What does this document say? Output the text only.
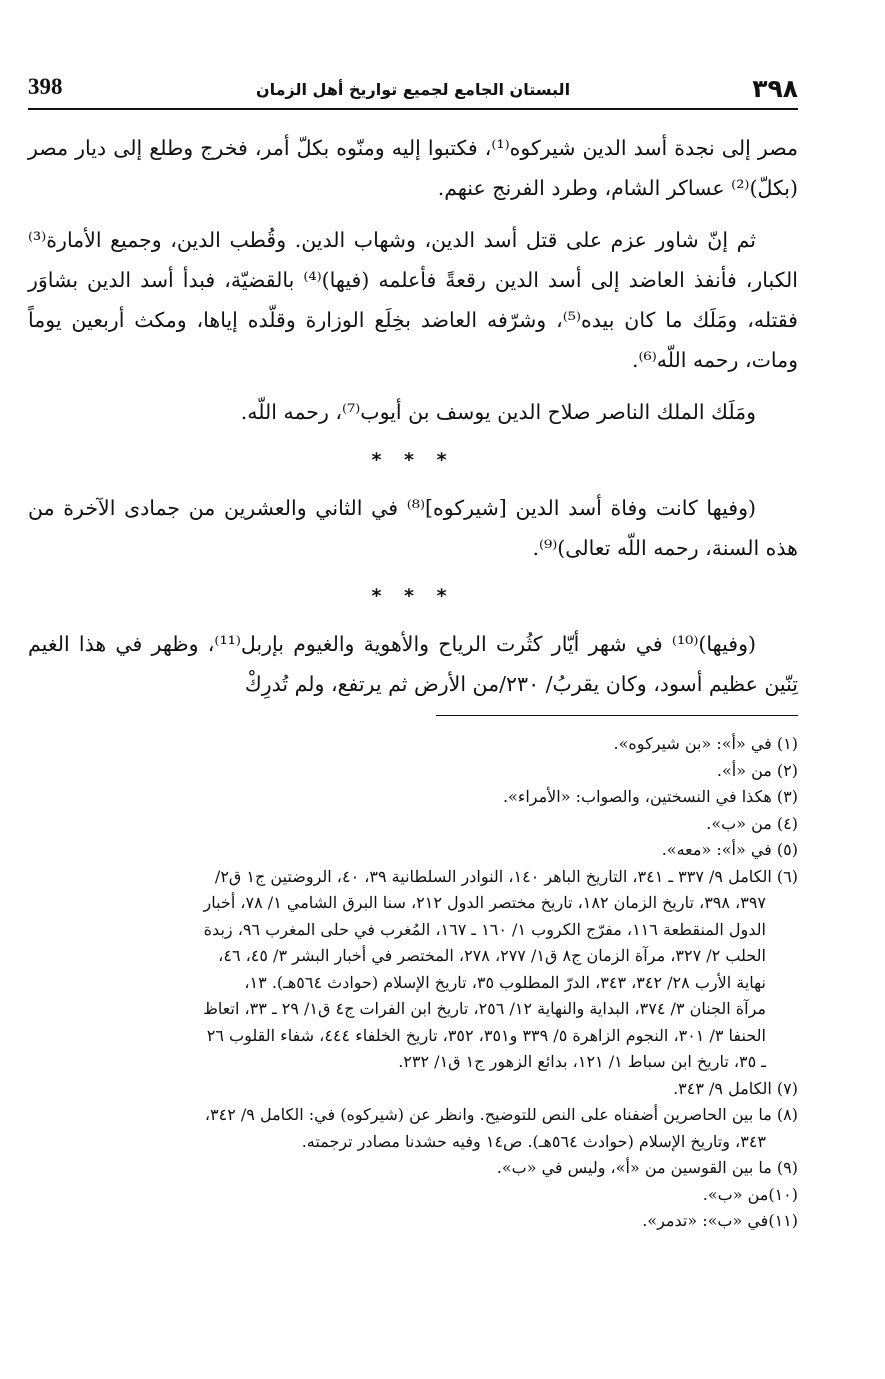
٣٩٨
البستان الجامع لجميع تواريخ أهل الزمان
398

مصر إلى نجدة أسد الدين شيركوه⁽¹⁾، فكتبوا إليه ومنّوه بكلّ أمر، فخرج وطلع إلى ديار مصر (بكلّ)⁽²⁾ عساكر الشام، وطرد الفرنج عنهم.

ثم إنّ شاور عزم على قتل أسد الدين، وشهاب الدين. وقُطب الدين، وجميع الأمارة⁽³⁾ الكبار، فأنفذ العاضد إلى أسد الدين رقعةً فأعلمه (فيها)⁽⁴⁾ بالقضيّة، فبدأ أسد الدين بشاوَر فقتله، ومَلَك ما كان بيده⁽⁵⁾، وشرّفه العاضد بخِلَع الوزارة وقلّده إياها، ومكث أربعين يوماً ومات، رحمه اللّه⁽⁶⁾.

ومَلَك الملك الناصر صلاح الدين يوسف بن أيوب⁽⁷⁾، رحمه اللّه.

* * *

(وفيها كانت وفاة أسد الدين [شيركوه]⁽⁸⁾ في الثاني والعشرين من جمادى الآخرة من هذه السنة، رحمه اللّه تعالى)⁽⁹⁾.

* * *

(وفيها)⁽¹⁰⁾ في شهر أيّار كثُرت الرياح والأهوية والغيوم بإربل⁽¹¹⁾، وظهر في هذا الغيم تِنّين عظيم أسود، وكان يقربُ/ ٢٣٠/من الأرض ثم يرتفع، ولم تُدرِكْ

(١) في «أ»: «بن شيركوه».

(٢) من «أ».

(٣) هكذا في النسختين، والصواب: «الأمراء».

(٤) من «ب».

(٥) في «أ»: «معه».

(٦) الكامل ٩/ ٣٣٧ ـ ٣٤١، التاريخ الباهر ١٤٠، النوادر السلطانية ٣٩، ٤٠، الروضتين ج١ ق٢/

٣٩٧، ٣٩٨، تاريخ الزمان ١٨٢، تاريخ مختصر الدول ٢١٢، سنا البرق الشامي ١/ ٧٨، أخبار

الدول المنقطعة ١١٦، مفرّج الكروب ١/ ١٦٠ ـ ١٦٧، المُغرب في حلى المغرب ٩٦، زبدة

الحلب ٢/ ٣٢٧، مرآة الزمان ج٨ ق١/ ٢٧٧، ٢٧٨، المختصر في أخبار البشر ٣/ ٤٥، ٤٦،

نهاية الأرب ٢٨/ ٣٤٢، ٣٤٣، الدرّ المطلوب ٣٥، تاريخ الإسلام (حوادث ٥٦٤هـ). ١٣،

مرآة الجنان ٣/ ٣٧٤، البداية والنهاية ١٢/ ٢٥٦، تاريخ ابن الفرات ج٤ ق١/ ٢٩ ـ ٣٣، اتعاظ

الحنفا ٣/ ٣٠١، النجوم الزاهرة ٥/ ٣٣٩ و٣٥١، ٣٥٢، تاريخ الخلفاء ٤٤٤، شفاء القلوب ٢٦

ـ ٣٥، تاريخ ابن سباط ١/ ١٢١، بدائع الزهور ج١ ق١/ ٢٣٢.

(٧) الكامل ٩/ ٣٤٣.

(٨) ما بين الحاصرين أضفناه على النص للتوضيح. وانظر عن (شيركوه) في: الكامل ٩/ ٣٤٢،

٣٤٣، وتاريخ الإسلام (حوادث ٥٦٤هـ). ص١٤ وفيه حشدنا مصادر ترجمته.

(٩) ما بين القوسين من «أ»، وليس في «ب».

(١٠)من «ب».

(١١)في «ب»: «تدمر».
